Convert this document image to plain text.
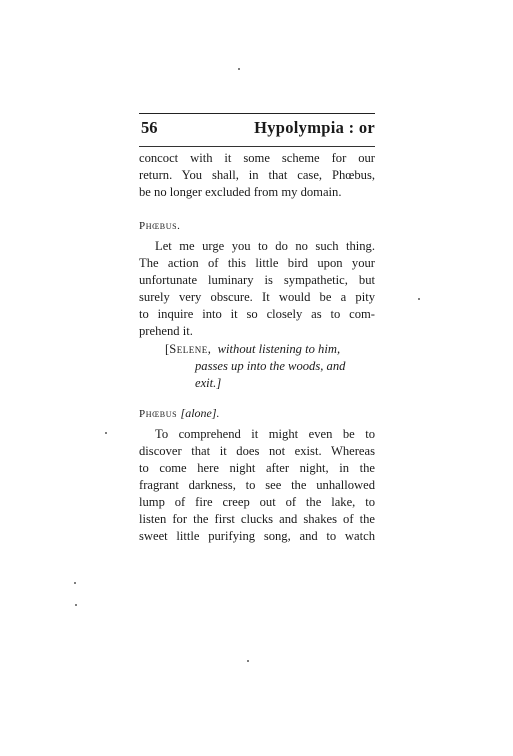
56	Hypolympia : or
concoct with it some scheme for our
return. You shall, in that case, Phœbus,
be no longer excluded from my domain.
Phœbus.
Let me urge you to do no such thing.
The action of this little bird upon your
unfortunate luminary is sympathetic, but
surely very obscure. It would be a pity
to inquire into it so closely as to com-
prehend it.
[Selene, without listening to him,
passes up into the woods, and
exit.]
Phœbus [alone].
To comprehend it might even be to
discover that it does not exist. Whereas
to come here night after night, in the
fragrant darkness, to see the unhallowed
lump of fire creep out of the lake, to
listen for the first clucks and shakes of the
sweet little purifying song, and to watch
